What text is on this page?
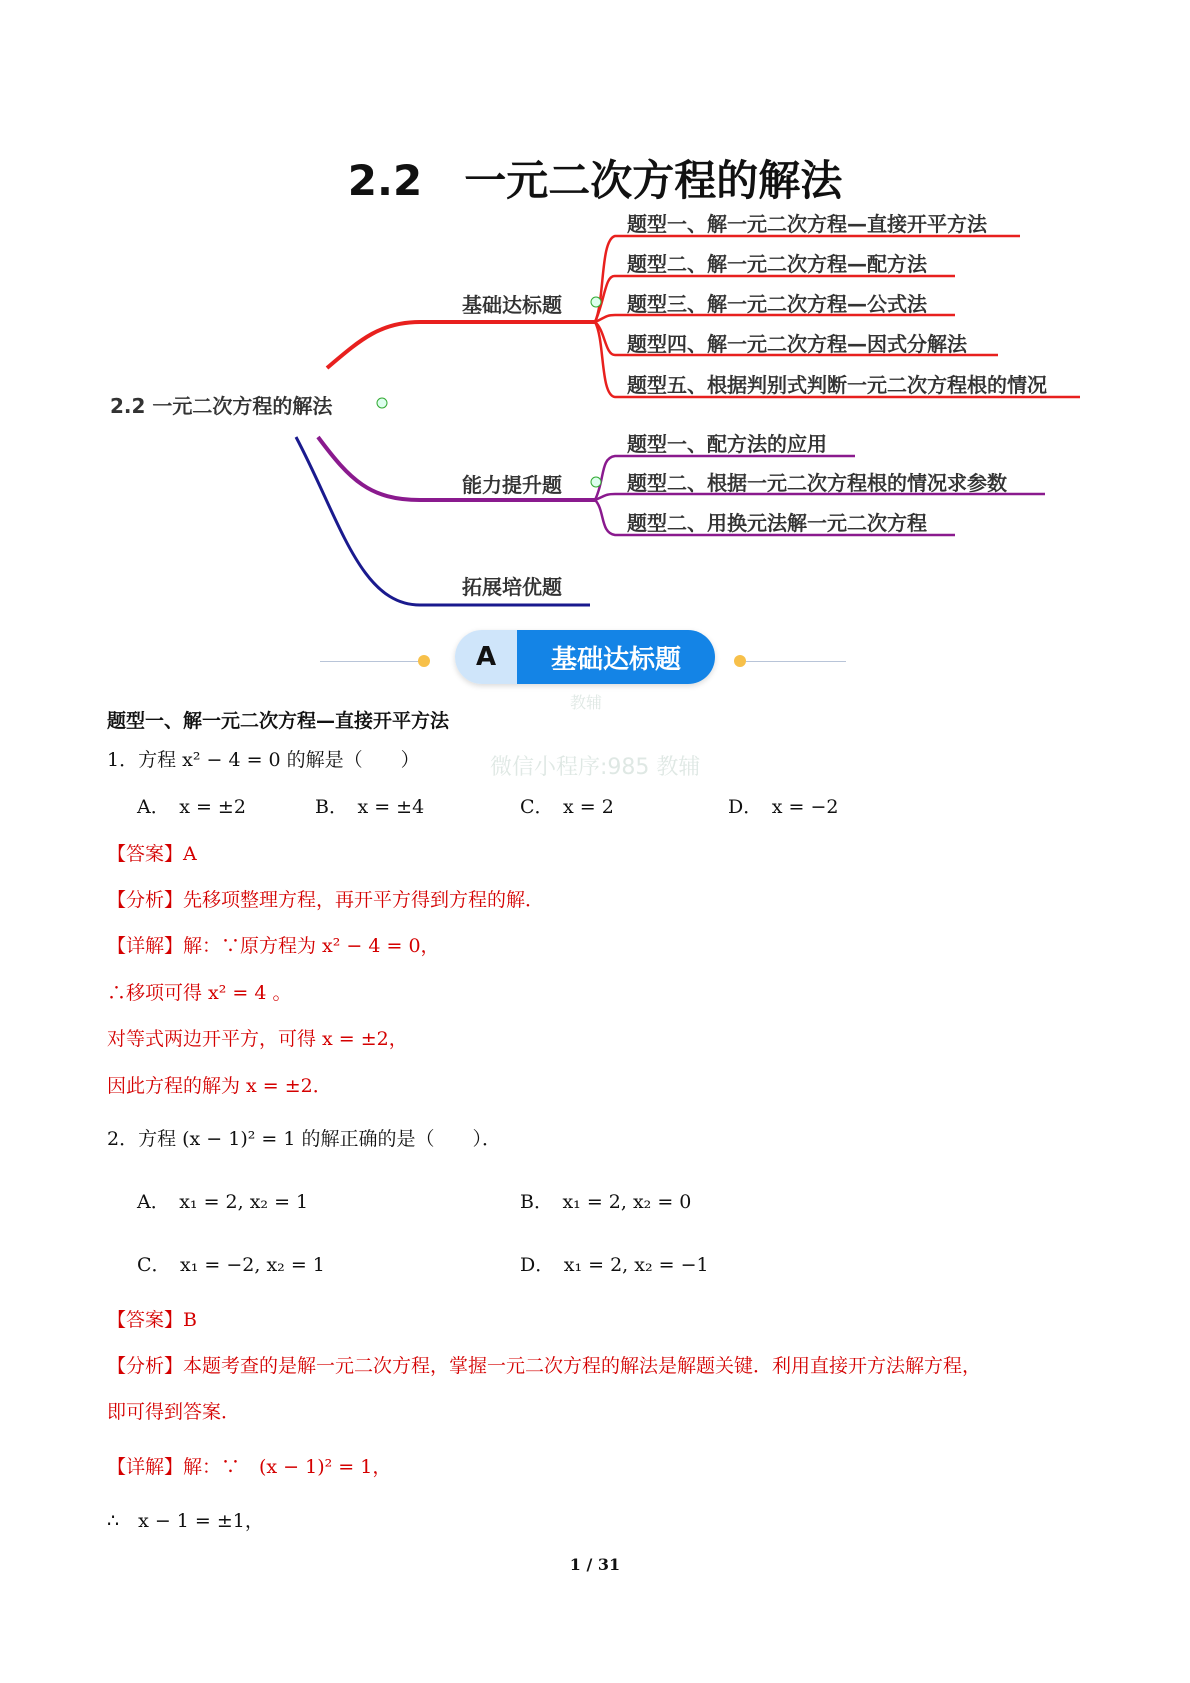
2.2　一元二次方程的解法
2.2 一元二次方程的解法
基础达标题
能力提升题
拓展培优题
题型一、解一元二次方程—直接开平方法
题型二、解一元二次方程—配方法
题型三、解一元二次方程—公式法
题型四、解一元二次方程—因式分解法
题型五、根据判别式判断一元二次方程根的情况
题型一、配方法的应用
题型二、根据一元二次方程根的情况求参数
题型二、用换元法解一元二次方程
A	基础达标题
教辅
微信小程序:985 教辅
题型一、解一元二次方程—直接开平方法
1．方程 x² − 4 = 0 的解是（　　）
A．　x = ±2	B．　x = ±4	C．　x = 2	D．　x = −2
【答案】A
【分析】先移项整理方程，再开平方得到方程的解．
【详解】解：∵原方程为 x² − 4 = 0，
∴移项可得 x² = 4 。
对等式两边开平方，可得 x = ±2，
因此方程的解为 x = ±2．
2．方程 (x − 1)² = 1 的解正确的是（　　）．
A．　x₁ = 2, x₂ = 1	B．　x₁ = 2, x₂ = 0
C．　x₁ = −2, x₂ = 1	D．　x₁ = 2, x₂ = −1
【答案】B
【分析】本题考查的是解一元二次方程，掌握一元二次方程的解法是解题关键．利用直接开方法解方程，
即可得到答案．
【详解】解：∵　(x − 1)² = 1，
∴　x − 1 = ±1，
1 / 31
